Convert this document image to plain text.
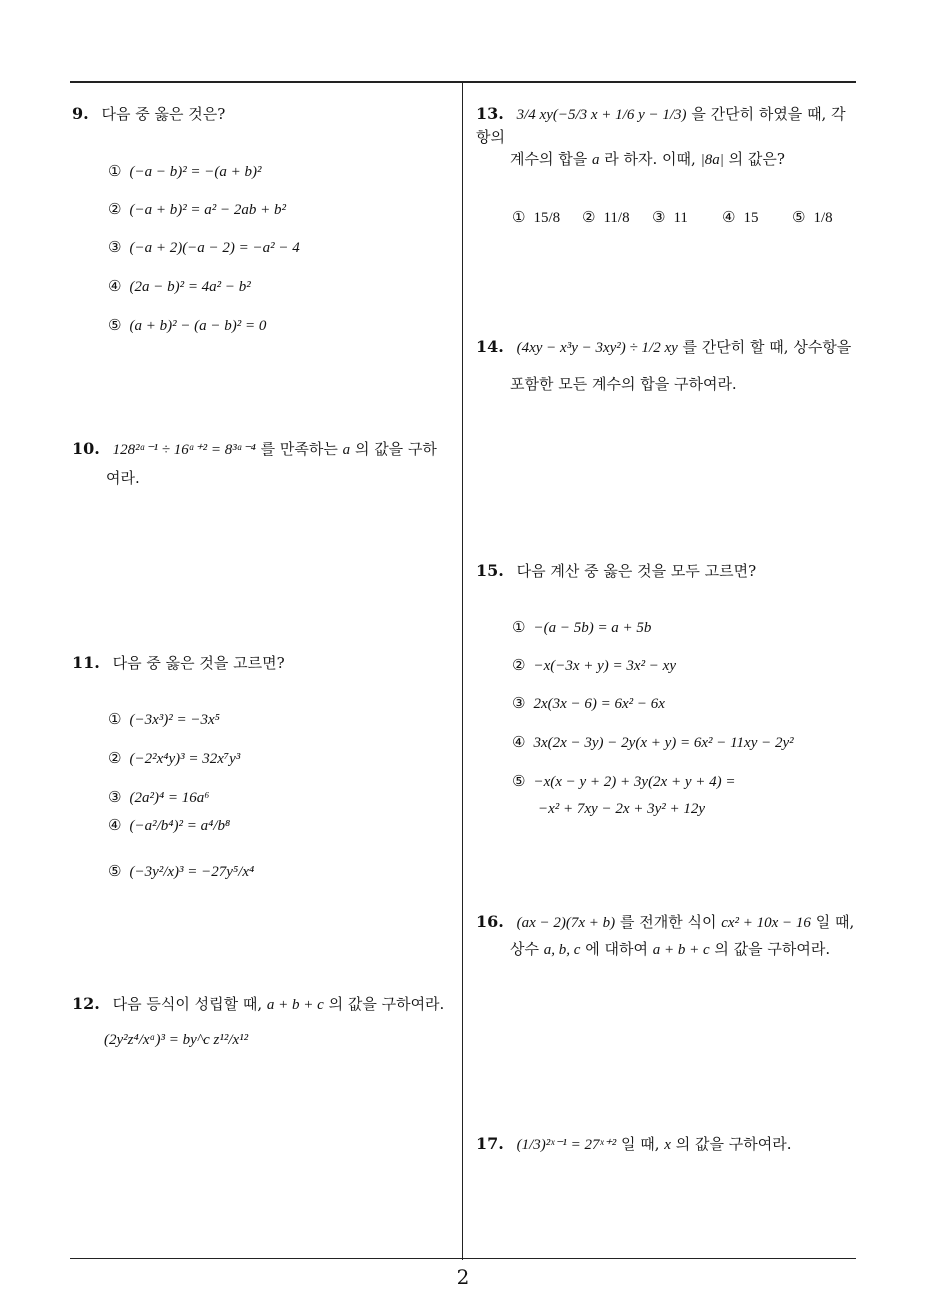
9. 다음 중 옳은 것은?
① (−a − b)² = −(a + b)²
② (−a + b)² = a² − 2ab + b²
③ (−a + 2)(−a − 2) = −a² − 4
④ (2a − b)² = 4a² − b²
⑤ (a + b)² − (a − b)² = 0
10. 128²ᵃ⁻¹ ÷ 16ᵃ⁺² = 8³ᵃ⁻⁴ 를 만족하는 a 의 값을 구하
여라.
11. 다음 중 옳은 것을 고르면?
① (−3x³)² = −3x⁵
② (−2²x⁴y)³ = 32x⁷y³
③ (2a²)⁴ = 16a⁶
④ (−a²/b⁴)² = a⁴/b⁸
⑤ (−3y²/x)³ = −27y⁵/x⁴
12. 다음 등식이 성립할 때, a + b + c 의 값을 구하여라.
(2y²z⁴/xᵃ)³ = by^c z¹²/x¹²
13. 3/4 xy(−5/3 x + 1/6 y − 1/3) 을 간단히 하였을 때, 각 항의
계수의 합을 a 라 하자. 이때, |8a| 의 값은?
① 15/8 ② 11/8 ③ 11 ④ 15 ⑤ 1/8
14. (4xy − x³y − 3xy²) ÷ 1/2 xy 를 간단히 할 때, 상수항을
포함한 모든 계수의 합을 구하여라.
15. 다음 계산 중 옳은 것을 모두 고르면?
① −(a − 5b) = a + 5b
② −x(−3x + y) = 3x² − xy
③ 2x(3x − 6) = 6x² − 6x
④ 3x(2x − 3y) − 2y(x + y) = 6x² − 11xy − 2y²
⑤ −x(x − y + 2) + 3y(2x + y + 4) =
−x² + 7xy − 2x + 3y² + 12y
16. (ax − 2)(7x + b) 를 전개한 식이 cx² + 10x − 16 일 때,
상수 a, b, c 에 대하여 a + b + c 의 값을 구하여라.
17. (1/3)²ˣ⁻¹ = 27ˣ⁺² 일 때, x 의 값을 구하여라.
2
